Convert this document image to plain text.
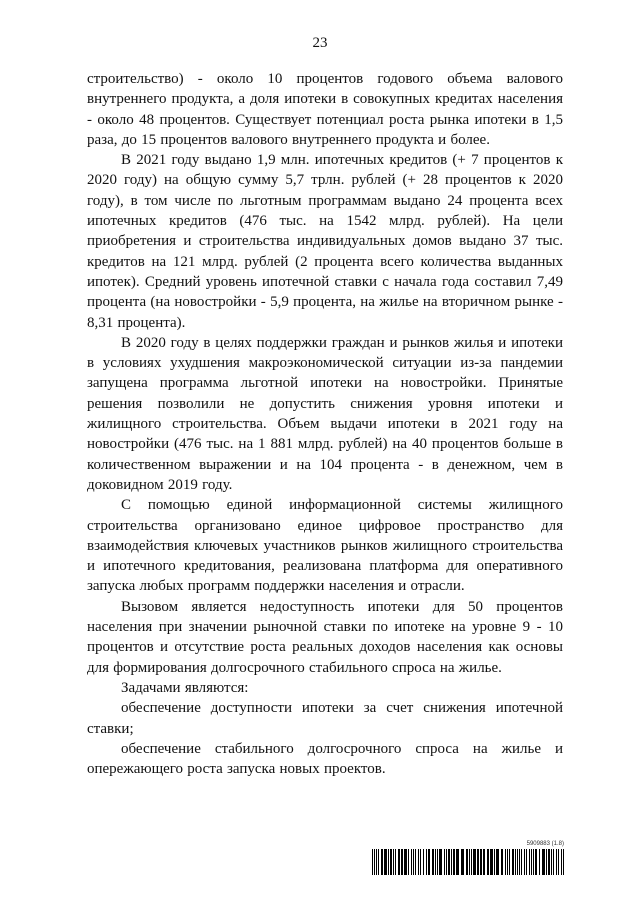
23

строительство) - около 10 процентов годового объема валового внутреннего продукта, а доля ипотеки в совокупных кредитах населения - около 48 процентов. Существует потенциал роста рынка ипотеки в 1,5 раза, до 15 процентов валового внутреннего продукта и более.

В 2021 году выдано 1,9 млн. ипотечных кредитов (+ 7 процентов к 2020 году) на общую сумму 5,7 трлн. рублей (+ 28 процентов к 2020 году), в том числе по льготным программам выдано 24 процента всех ипотечных кредитов (476 тыс. на 1542 млрд. рублей). На цели приобретения и строительства индивидуальных домов выдано 37 тыс. кредитов на 121 млрд. рублей (2 процента всего количества выданных ипотек). Средний уровень ипотечной ставки с начала года составил 7,49 процента (на новостройки - 5,9 процента, на жилье на вторичном рынке - 8,31 процента).

В 2020 году в целях поддержки граждан и рынков жилья и ипотеки в условиях ухудшения макроэкономической ситуации из-за пандемии запущена программа льготной ипотеки на новостройки. Принятые решения позволили не допустить снижения уровня ипотеки и жилищного строительства. Объем выдачи ипотеки в 2021 году на новостройки (476 тыс. на 1 881 млрд. рублей) на 40 процентов больше в количественном выражении и на 104 процента - в денежном, чем в доковидном 2019 году.

С помощью единой информационной системы жилищного строительства организовано единое цифровое пространство для взаимодействия ключевых участников рынков жилищного строительства и ипотечного кредитования, реализована платформа для оперативного запуска любых программ поддержки населения и отрасли.

Вызовом является недоступность ипотеки для 50 процентов населения при значении рыночной ставки по ипотеке на уровне 9 - 10 процентов и отсутствие роста реальных доходов населения как основы для формирования долгосрочного стабильного спроса на жилье.

Задачами являются:

обеспечение доступности ипотеки за счет снижения ипотечной ставки;

обеспечение стабильного долгосрочного спроса на жилье и опережающего роста запуска новых проектов.

5909883 (1.8)
